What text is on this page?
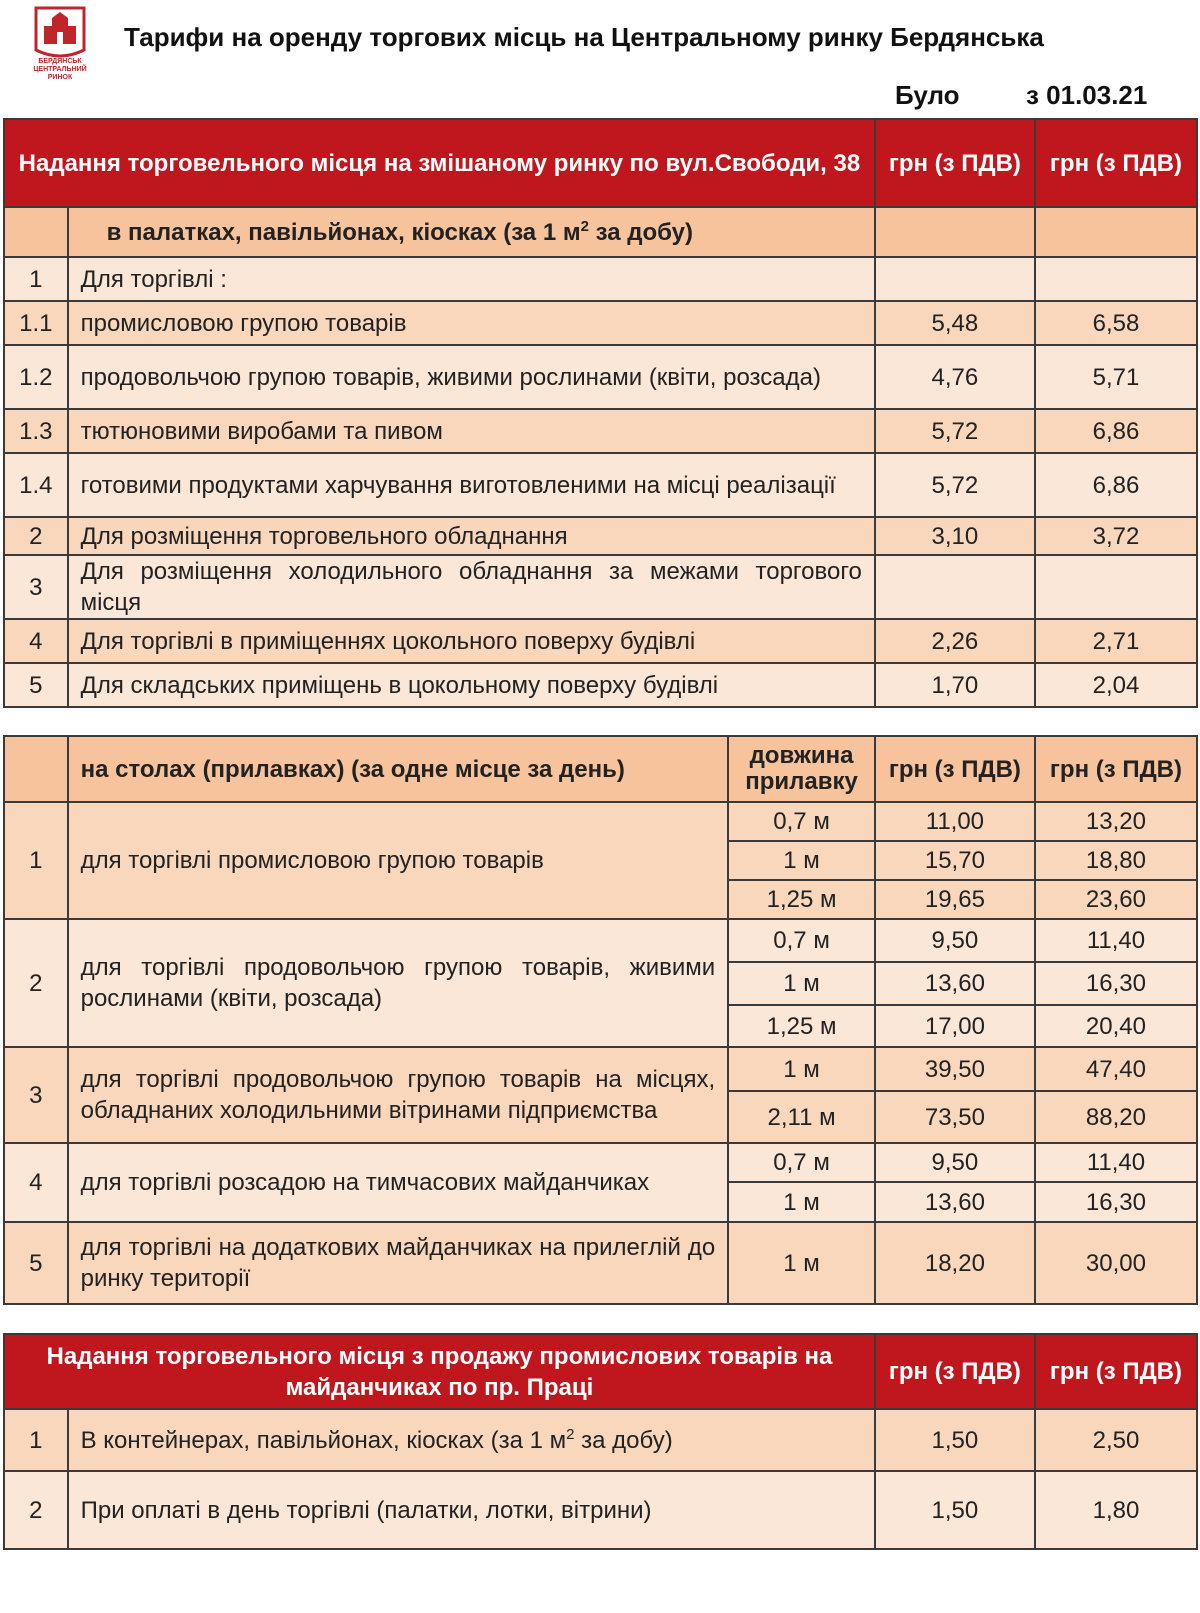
БЕРДЯНСЬК
ЦЕНТРАЛЬНИЙ РИНОК
Тарифи на оренду торгових місць на Центральному ринку Бердянська
Було	з 01.03.21
Надання торговельного місця на змішаному ринку по вул.Свободи, 38		грн (з ПДВ)	грн (з ПДВ)
	в палатках, павільйонах, кіосках (за 1 $м^2$ за добу)		
1	Для торгівлі :		
1.1	промисловою групою товарів	5,48	6,58
1.2	продовольчою групою товарів, живими рослинами (квіти, розсада)	4,76	5,71
1.3	тютюновими виробами та пивом	5,72	6,86
1.4	готовими продуктами харчування виготовленими на місці реалізації	5,72	6,86
2	Для розміщення торговельного обладнання	3,10	3,72
3	Для розміщення холодильного обладнання за межами торгового місця		
4	Для торгівлі в приміщеннях цокольного поверху будівлі	2,26	2,71
5	Для складських приміщень в цокольному поверху будівлі	1,70	2,04
	на столах (прилавках) (за одне місце за день)	довжина прилавку	грн (з ПДВ)	грн (з ПДВ)
1	для торгівлі промисловою групою товарів	0,7 м	11,00	13,20
		1 м	15,70	18,80
		1,25 м	19,65	23,60
2	для торгівлі продовольчою групою товарів, живими рослинами (квіти, розсада)	0,7 м	9,50	11,40
		1 м	13,60	16,30
		1,25 м	17,00	20,40
3	для торгівлі продовольчою групою товарів на місцях, обладнаних холодильними вітринами підприємства	1 м	39,50	47,40
		2,11 м	73,50	88,20
4	для торгівлі розсадою на тимчасових майданчиках	0,7 м	9,50	11,40
		1 м	13,60	16,30
5	для торгівлі на додаткових майданчиках на прилеглій до ринку території	1 м	18,20	30,00
Надання торговельного місця з продажу промислових товарів на майданчиках по пр. Праці		грн (з ПДВ)	грн (з ПДВ)
1	В контейнерах, павільйонах, кіосках (за 1 $м^2$ за добу)	1,50	2,50
2	При оплаті в день торгівлі (палатки, лотки, вітрини)	1,50	1,80
